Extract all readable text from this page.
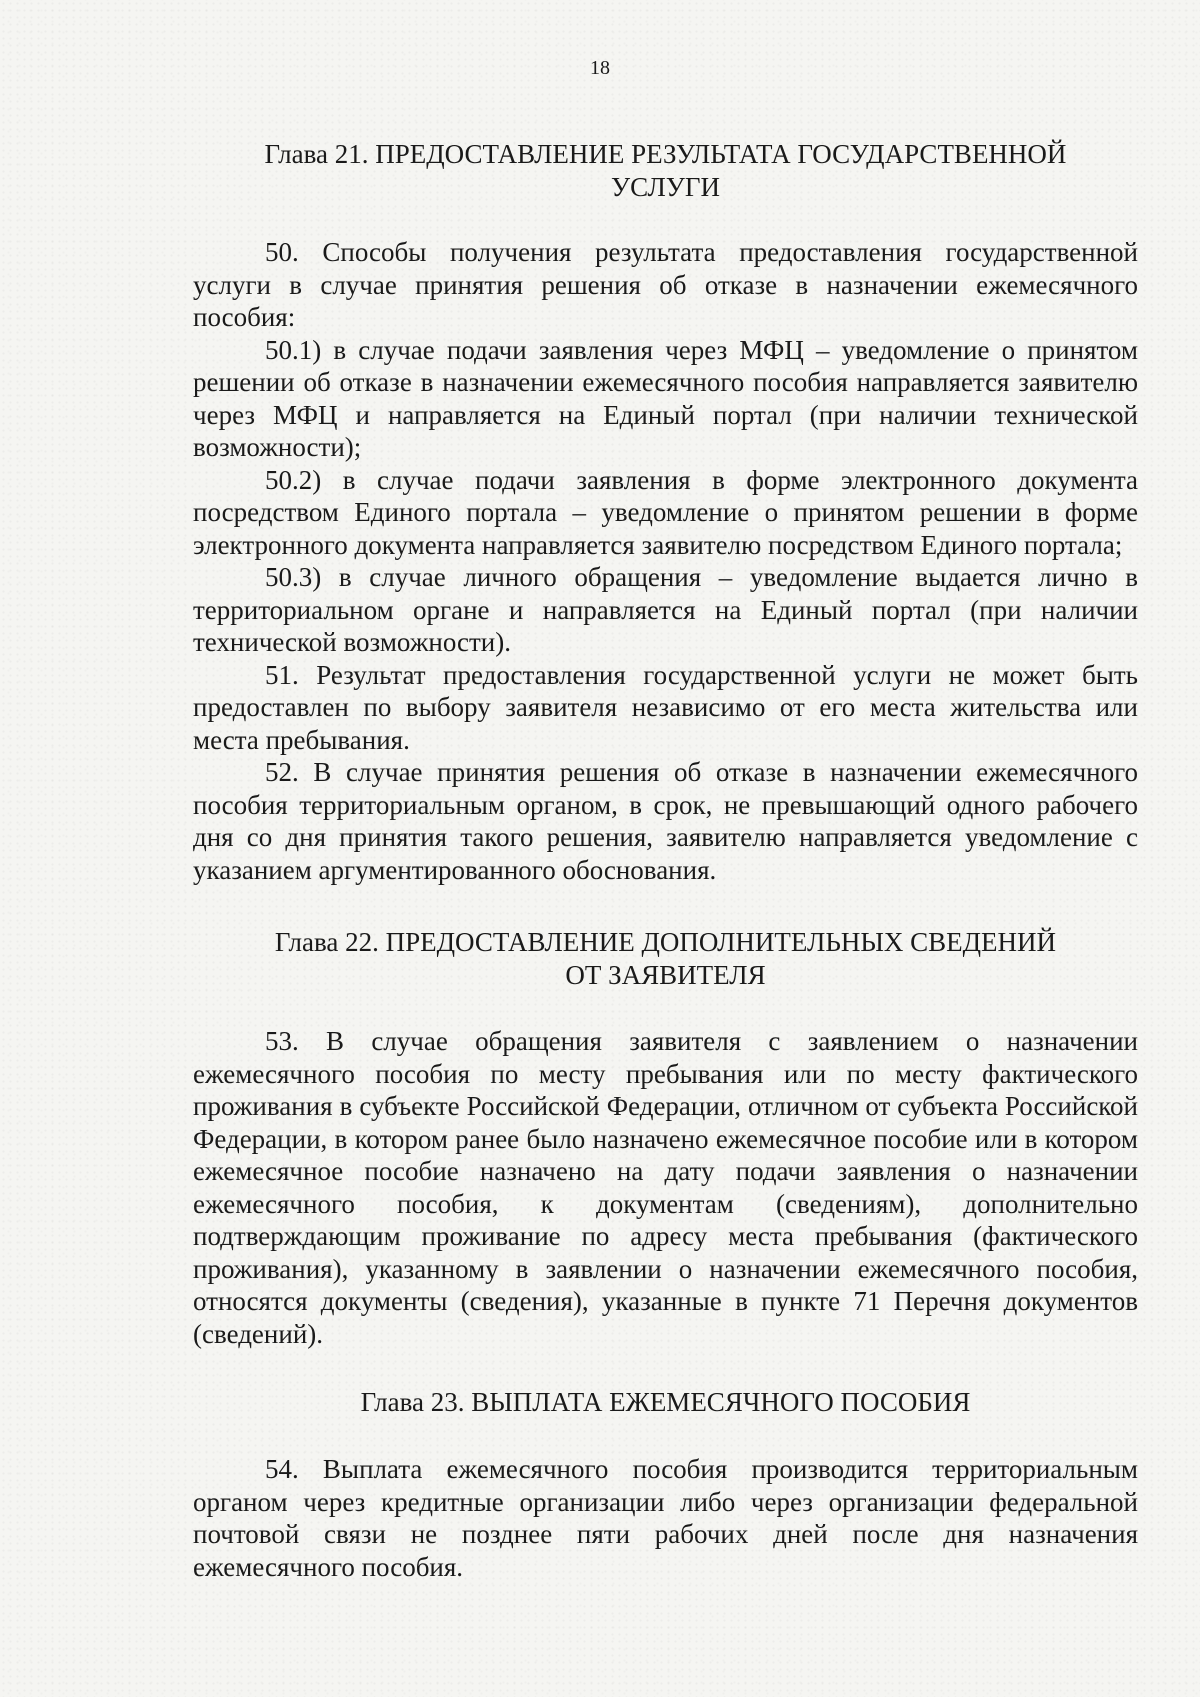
18
Глава 21. ПРЕДОСТАВЛЕНИЕ РЕЗУЛЬТАТА ГОСУДАРСТВЕННОЙ
УСЛУГИ

50. Способы получения результата предоставления государственной услуги в случае принятия решения об отказе в назначении ежемесячного пособия:

50.1) в случае подачи заявления через МФЦ – уведомление о принятом решении об отказе в назначении ежемесячного пособия направляется заявителю через МФЦ и направляется на Единый портал (при наличии технической возможности);

50.2) в случае подачи заявления в форме электронного документа посредством Единого портала – уведомление о принятом решении в форме электронного документа направляется заявителю посредством Единого портала;

50.3) в случае личного обращения – уведомление выдается лично в территориальном органе и направляется на Единый портал (при наличии технической возможности).

51. Результат предоставления государственной услуги не может быть предоставлен по выбору заявителя независимо от его места жительства или места пребывания.

52. В случае принятия решения об отказе в назначении ежемесячного пособия территориальным органом, в срок, не превышающий одного рабочего дня со дня принятия такого решения, заявителю направляется уведомление с указанием аргументированного обоснования.

Глава 22. ПРЕДОСТАВЛЕНИЕ ДОПОЛНИТЕЛЬНЫХ СВЕДЕНИЙ
ОТ ЗАЯВИТЕЛЯ

53. В случае обращения заявителя с заявлением о назначении ежемесячного пособия по месту пребывания или по месту фактического проживания в субъекте Российской Федерации, отличном от субъекта Российской Федерации, в котором ранее было назначено ежемесячное пособие или в котором ежемесячное пособие назначено на дату подачи заявления о назначении ежемесячного пособия, к документам (сведениям), дополнительно подтверждающим проживание по адресу места пребывания (фактического проживания), указанному в заявлении о назначении ежемесячного пособия, относятся документы (сведения), указанные в пункте 71 Перечня документов (сведений).

Глава 23. ВЫПЛАТА ЕЖЕМЕСЯЧНОГО ПОСОБИЯ

54. Выплата ежемесячного пособия производится территориальным органом через кредитные организации либо через организации федеральной почтовой связи не позднее пяти рабочих дней после дня назначения ежемесячного пособия.
